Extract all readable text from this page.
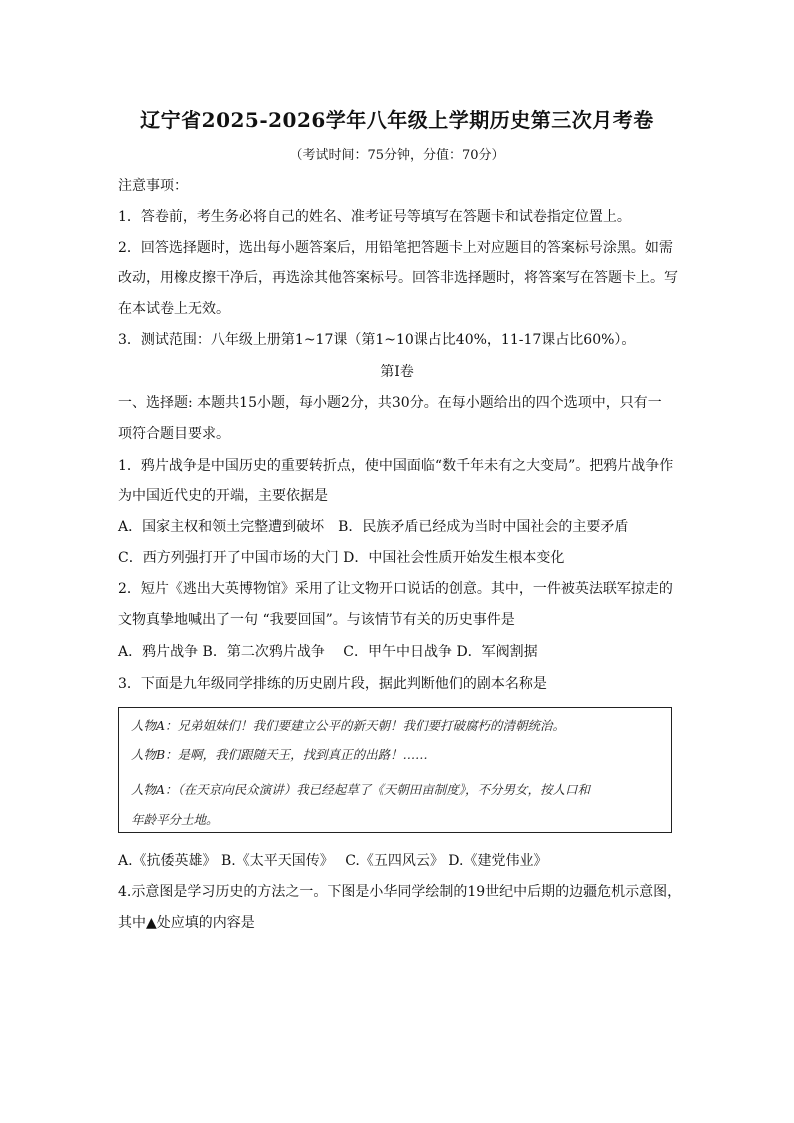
辽宁省2025-2026学年八年级上学期历史第三次月考卷
（考试时间：75分钟，分值：70分）
注意事项：
1．答卷前，考生务必将自己的姓名、准考证号等填写在答题卡和试卷指定位置上。
2．回答选择题时，选出每小题答案后，用铅笔把答题卡上对应题目的答案标号涂黑。如需
改动，用橡皮擦干净后，再选涂其他答案标号。回答非选择题时，将答案写在答题卡上。写
在本试卷上无效。
3．测试范围：八年级上册第1~17课（第1~10课占比40%，11-17课占比60%）。
第I卷
一、选择题: 本题共15小题，每小题2分，共30分。在每小题给出的四个选项中，只有一
项符合题目要求。
1．鸦片战争是中国历史的重要转折点，使中国面临“数千年未有之大变局”。把鸦片战争作
为中国近代史的开端，主要依据是
A．国家主权和领土完整遭到破坏　B．民族矛盾已经成为当时中国社会的主要矛盾
C．西方列强打开了中国市场的大门 D．中国社会性质开始发生根本变化
2．短片《逃出大英博物馆》采用了让文物开口说话的创意。其中，一件被英法联军掠走的
文物真挚地喊出了一句 “我要回国”。与该情节有关的历史事件是
A．鸦片战争 B．第二次鸦片战争　 C．甲午中日战争 D．军阀割据
3．下面是九年级同学排练的历史剧片段，据此判断他们的剧本名称是
人物A：兄弟姐妹们！我们要建立公平的新天朝！我们要打破腐朽的清朝统治。
人物B：是啊，我们跟随天王，找到真正的出路！……
人物A：（在天京向民众演讲）我已经起草了《天朝田亩制度》，不分男女，按人口和
年龄平分土地。
A.《抗倭英雄》 B.《太平天国传》　 C.《五四风云》 D.《建党伟业》
4.示意图是学习历史的方法之一。下图是小华同学绘制的19世纪中后期的边疆危机示意图，
其中▲处应填的内容是
